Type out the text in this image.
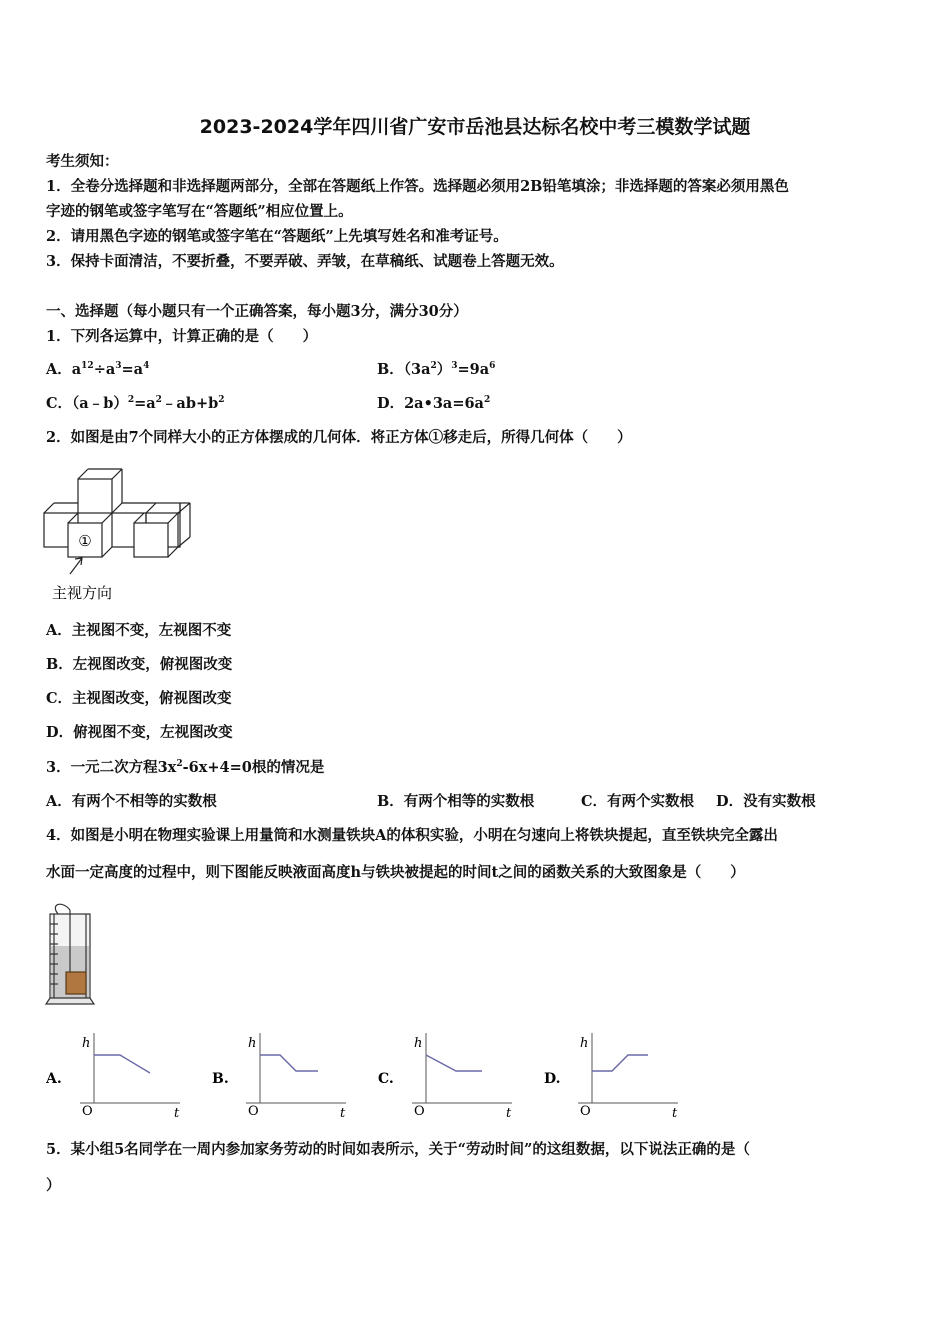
2023-2024学年四川省广安市岳池县达标名校中考三模数学试题
考生须知：
1．全卷分选择题和非选择题两部分，全部在答题纸上作答。选择题必须用2B铅笔填涂；非选择题的答案必须用黑色
字迹的钢笔或签字笔写在“答题纸”相应位置上。
2．请用黑色字迹的钢笔或签字笔在“答题纸”上先填写姓名和准考证号。
3．保持卡面清洁，不要折叠，不要弄破、弄皱，在草稿纸、试题卷上答题无效。
一、选择题（每小题只有一个正确答案，每小题3分，满分30分）
1．下列各运算中，计算正确的是（　　）
A．$a^{12}\div a^3=a^4$	B．$(3a^2)^3=9a^6$
C．$(a﹣b)^2=a^2﹣ab+b^2$	D．$2a•3a=6a^2$
2．如图是由7个同样大小的正方体摆成的几何体．将正方体①移走后，所得几何体（　　）
①
主视方向
A．主视图不变，左视图不变
B．左视图改变，俯视图改变
C．主视图改变，俯视图改变
D．俯视图不变，左视图改变
3．一元二次方程$3x^2-6x+4=0$根的情况是
A．有两个不相等的实数根	B．有两个相等的实数根	C．有两个实数根 D．没有实数根
4．如图是小明在物理实验课上用量筒和水测量铁块A的体积实验，小明在匀速向上将铁块提起，直至铁块完全露出
水面一定高度的过程中，则下图能反映液面高度h与铁块被提起的时间t之间的函数关系的大致图象是（　　）
A.
h
O	t
B.
h
O	t
C.
h
O	t
D.
h
O	t
5．某小组5名同学在一周内参加家务劳动的时间如表所示，关于“劳动时间”的这组数据，以下说法正确的是（
）
